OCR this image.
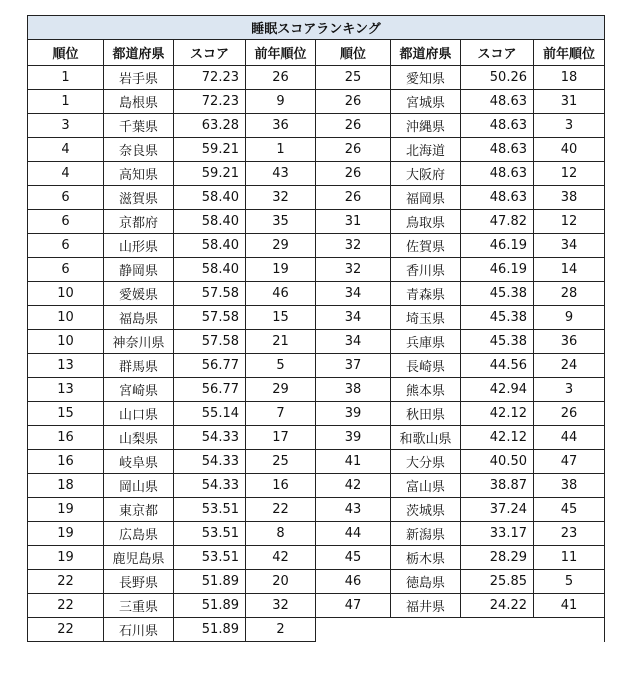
睡眠スコアランキング							
順位	都道府県	スコア	前年順位	順位	都道府県	スコア	前年順位
1	岩手県	72.23	26	25	愛知県	50.26	18
1	島根県	72.23	9	26	宮城県	48.63	31
3	千葉県	63.28	36	26	沖縄県	48.63	3
4	奈良県	59.21	1	26	北海道	48.63	40
4	高知県	59.21	43	26	大阪府	48.63	12
6	滋賀県	58.40	32	26	福岡県	48.63	38
6	京都府	58.40	35	31	鳥取県	47.82	12
6	山形県	58.40	29	32	佐賀県	46.19	34
6	静岡県	58.40	19	32	香川県	46.19	14
10	愛媛県	57.58	46	34	青森県	45.38	28
10	福島県	57.58	15	34	埼玉県	45.38	9
10	神奈川県	57.58	21	34	兵庫県	45.38	36
13	群馬県	56.77	5	37	長崎県	44.56	24
13	宮崎県	56.77	29	38	熊本県	42.94	3
15	山口県	55.14	7	39	秋田県	42.12	26
16	山梨県	54.33	17	39	和歌山県	42.12	44
16	岐阜県	54.33	25	41	大分県	40.50	47
18	岡山県	54.33	16	42	富山県	38.87	38
19	東京都	53.51	22	43	茨城県	37.24	45
19	広島県	53.51	8	44	新潟県	33.17	23
19	鹿児島県	53.51	42	45	栃木県	28.29	11
22	長野県	51.89	20	46	徳島県	25.85	5
22	三重県	51.89	32	47	福井県	24.22	41
22	石川県	51.89	2				
